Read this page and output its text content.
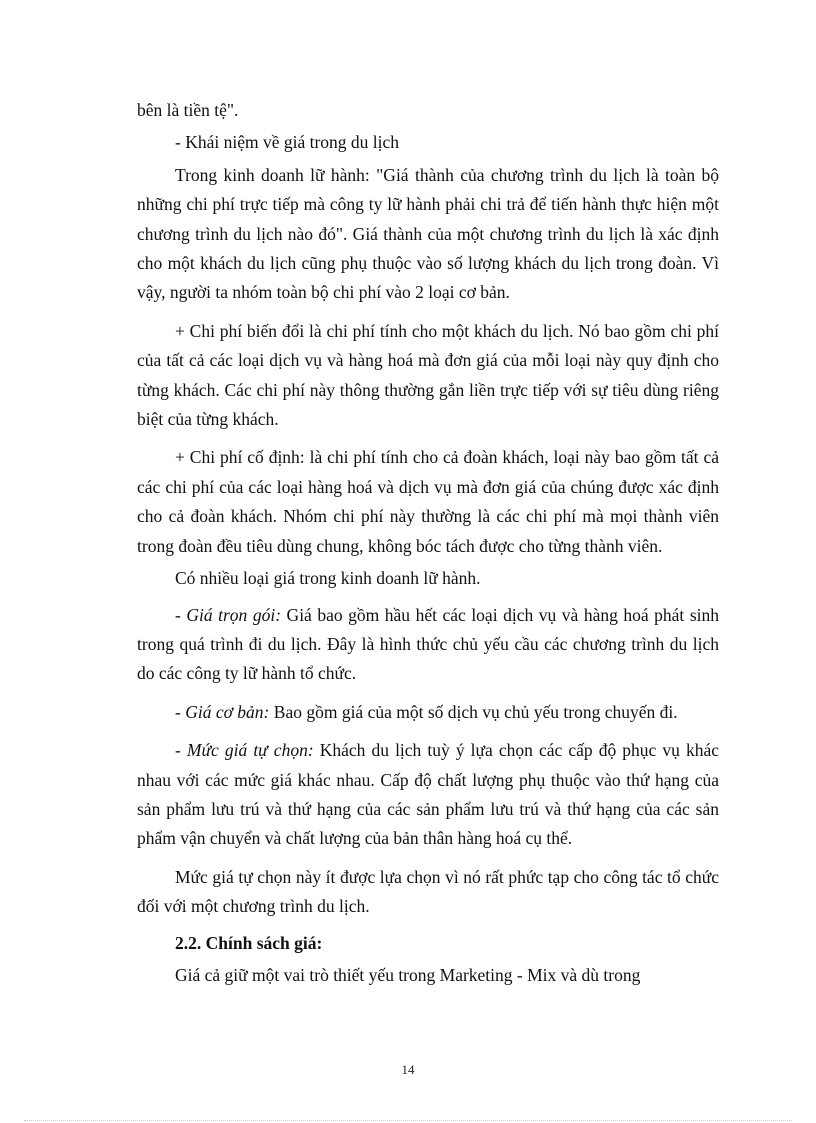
bên là tiền tệ".

- Khái niệm về giá trong du lịch

Trong kinh doanh lữ hành: "Giá thành của chương trình du lịch là toàn bộ những chi phí trực tiếp mà công ty lữ hành phải chi trả để tiến hành thực hiện một chương trình du lịch nào đó". Giá thành của một chương trình du lịch là xác định cho một khách du lịch cũng phụ thuộc vào số lượng khách du lịch trong đoàn. Vì vậy, người ta nhóm toàn bộ chi phí vào 2 loại cơ bản.

+ Chi phí biến đổi là chi phí tính cho một khách du lịch. Nó bao gồm chi phí của tất cả các loại dịch vụ và hàng hoá mà đơn giá của mỗi loại này quy định cho từng khách. Các chi phí này thông thường gắn liền trực tiếp với sự tiêu dùng riêng biệt của từng khách.

+ Chi phí cố định: là chi phí tính cho cả đoàn khách, loại này bao gồm tất cả các chi phí của các loại hàng hoá và dịch vụ mà đơn giá của chúng được xác định cho cả đoàn khách. Nhóm chi phí này thường là các chi phí mà mọi thành viên trong đoàn đều tiêu dùng chung, không bóc tách được cho từng thành viên.

Có nhiều loại giá trong kinh doanh lữ hành.

- Giá trọn gói: Giá bao gồm hầu hết các loại dịch vụ và hàng hoá phát sinh trong quá trình đi du lịch. Đây là hình thức chủ yếu cầu các chương trình du lịch do các công ty lữ hành tổ chức.

- Giá cơ bản: Bao gồm giá của một số dịch vụ chủ yếu trong chuyến đi.

- Mức giá tự chọn: Khách du lịch tuỳ ý lựa chọn các cấp độ phục vụ khác nhau với các mức giá khác nhau. Cấp độ chất lượng phụ thuộc vào thứ hạng của sản phẩm lưu trú và thứ hạng của các sản phẩm lưu trú và thứ hạng của các sản phẩm vận chuyển và chất lượng của bản thân hàng hoá cụ thể.

Mức giá tự chọn này ít được lựa chọn vì nó rất phức tạp cho công tác tổ chức đối với một chương trình du lịch.

2.2. Chính sách giá:

Giá cả giữ một vai trò thiết yếu trong Marketing - Mix và dù trong

14
